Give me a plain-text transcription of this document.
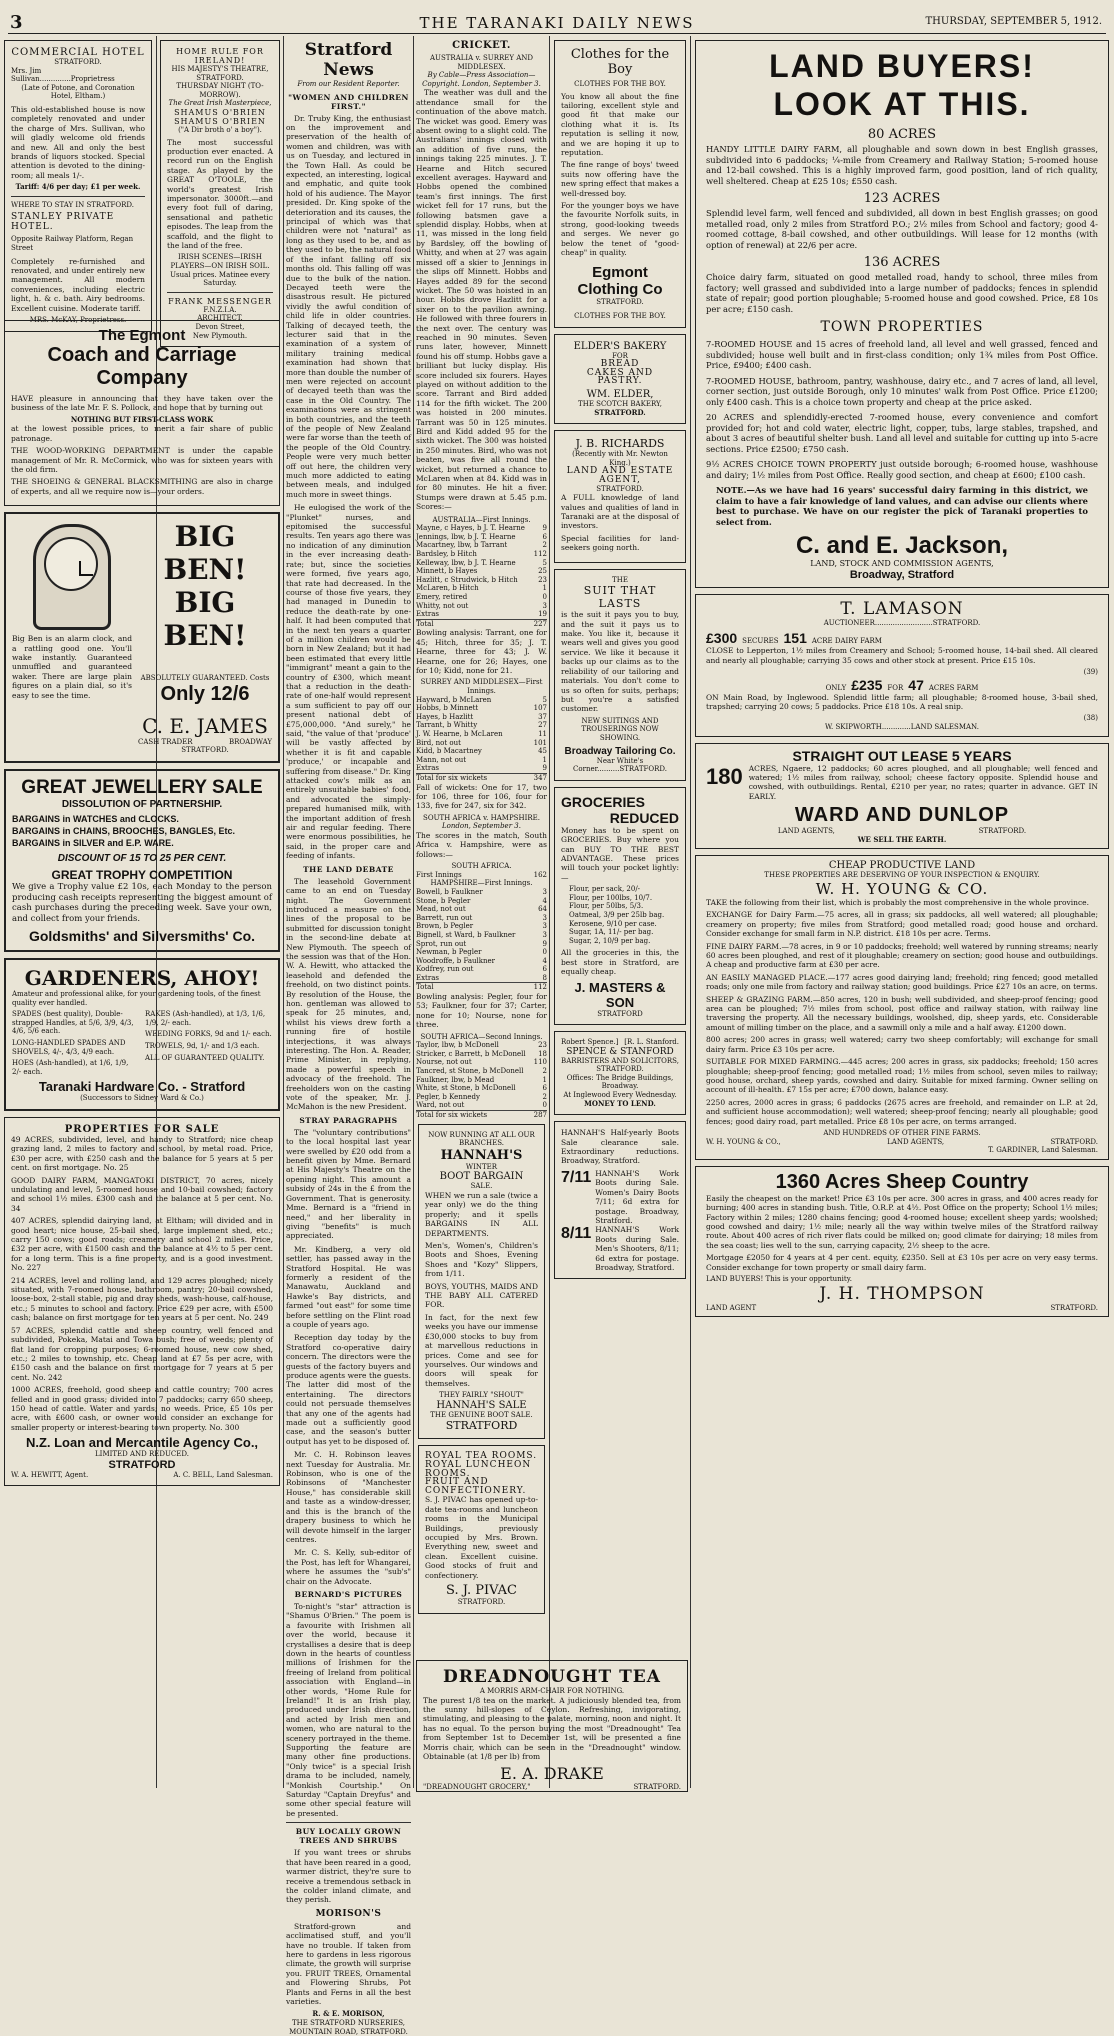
3	THE TARANAKI DAILY NEWS	THURSDAY, SEPTEMBER 5, 1912.
COMMERCIAL HOTEL
STRATFORD.
Mrs. Jim Sullivan..............Proprietress
(Late of Potone, and Coronation Hotel, Eltham.)

This old-established house is now completely renovated and under the charge of Mrs. Sullivan, who will gladly welcome old friends and new. All and only the best brands of liquors stocked. Special attention is devoted to the dining-room; all meals 1/-.

Tariff: 4/6 per day; £1 per week.
WHERE TO STAY IN STRATFORD.
STANLEY PRIVATE HOTEL.
Opposite Railway Platform, Regan Street

Completely re-furnished and renovated, and under entirely new management. All modern conveniences, including electric light, h. & c. bath. Airy bedrooms. Excellent cuisine. Moderate tariff.

MRS. McKAY, Proprietress.
HOME RULE FOR IRELAND!
HIS MAJESTY'S THEATRE, STRATFORD.
THURSDAY NIGHT (TO-MORROW).
The Great Irish Masterpiece,
SHAMUS O'BRIEN
SHAMUS O'BRIEN
("A Dir broth o' a boy").

The most successful production ever enacted. A record run on the English stage. As played by the GREAT O'TOOLE, the world's greatest Irish impersonator. 3000ft.—and every foot full of daring, sensational and pathetic episodes. The leap from the scaffold, and the flight to the land of the free.

IRISH SCENES—IRISH PLAYERS—ON IRISH SOIL.
Usual prices. Matinee every Saturday.
FRANK MESSENGER
F.N.Z.I.A.
ARCHITECT.
Devon Street,
New Plymouth.
The Egmont
Coach and Carriage Company

HAVE pleasure in announcing that they have taken over the business of the late Mr. F. S. Pollock, and hope that by turning out

NOTHING BUT FIRST-CLASS WORK

at the lowest possible prices, to merit a fair share of public patronage.

THE WOOD-WORKING DEPARTMENT is under the capable management of Mr. R. McCormick, who was for sixteen years with the old firm.

THE SHOEING & GENERAL BLACKSMITHING are also in charge of experts, and all we require now is—your orders.

Big Ben is an alarm clock, and a rattling good one. You'll wake instantly. Guaranteed unmuffled and guaranteed waker. There are large plain figures on a plain dial, so it's easy to see the time.

BIG BEN!
BIG BEN!
ABSOLUTELY GUARANTEED. Costs
Only 12/6
C. E. JAMES
CASH TRADER	BROADWAY
STRATFORD.
GREAT JEWELLERY SALE
DISSOLUTION OF PARTNERSHIP.
BARGAINS in WATCHES and CLOCKS.
BARGAINS in CHAINS, BROOCHES, BANGLES, Etc.
BARGAINS in SILVER and E.P. WARE.
DISCOUNT OF 15 TO 25 PER CENT.
GREAT TROPHY COMPETITION

We give a Trophy value £2 10s, each Monday to the person producing cash receipts representing the biggest amount of cash purchases during the preceding week. Save your own, and collect from your friends.

Goldsmiths' and Silversmiths' Co.
GARDENERS, AHOY!

Amateur and professional alike, for your gardening tools, of the finest quality ever handled.

SPADES (best quality), Double-strapped Handles, at 5/6, 3/9, 4/3, 4/6, 5/6 each.

LONG-HANDLED SPADES AND SHOVELS, 4/-, 4/3, 4/9 each.

HOES (Ash-handled), at 1/6, 1/9, 2/- each.

RAKES (Ash-handled), at 1/3, 1/6, 1/9, 2/- each.

WEEDING FORKS, 9d and 1/- each.

TROWELS, 9d, 1/- and 1/3 each.

ALL OF GUARANTEED QUALITY.

Taranaki Hardware Co. - Stratford
(Successors to Sidney Ward & Co.)
PROPERTIES FOR SALE

49 ACRES, subdivided, level, and handy to Stratford; nice cheap grazing land, 2 miles to factory and school, by metal road. Price, £30 per acre, with £250 cash and the balance for 5 years at 5 per cent. on first mortgage. No. 25

GOOD DAIRY FARM, MANGATOKI DISTRICT, 70 acres, nicely undulating and level, 5-roomed house and 10-bail cowshed; factory and school 1½ miles. £300 cash and the balance at 5 per cent. No. 34

407 ACRES, splendid dairying land, at Eltham; will divided and in good heart; nice house, 25-bail shed, large implement shed, etc.; carry 150 cows; good roads; creamery and school 2 miles. Price, £32 per acre, with £1500 cash and the balance at 4½ to 5 per cent. for a long term. This is a fine property, and is a good investment. No. 227

214 ACRES, level and rolling land, and 129 acres ploughed; nicely situated, with 7-roomed house, bathroom, pantry; 20-bail cowshed, loose-box, 2-stall stable, pig and dray sheds, wash-house, calf-house, etc.; 5 minutes to school and factory. Price £29 per acre, with £500 cash; balance on first mortgage for ten years at 5 per cent. No. 249

57 ACRES, splendid cattle and sheep country, well fenced and subdivided, Pokeka, Matai and Towa bush; free of weeds; plenty of flat land for cropping purposes; 6-roomed house, new cow shed, etc.; 2 miles to township, etc. Cheap land at £7 5s per acre, with £150 cash and the balance on first mortgage for 7 years at 5 per cent. No. 242

1000 ACRES, freehold, good sheep and cattle country; 700 acres felled and in good grass; divided into 7 paddocks; carry 650 sheep, 150 head of cattle. Water and yards; no weeds. Price, £5 10s per acre, with £600 cash, or owner would consider an exchange for smaller property or interest-bearing town property. No. 300

N.Z. Loan and Mercantile Agency Co.,
LIMITED AND REDUCED.
STRATFORD
W. A. HEWITT, Agent.	A. C. BELL, Land Salesman.
Stratford News
From our Resident Reporter.
"WOMEN AND CHILDREN FIRST."

Dr. Truby King, the enthusiast on the improvement and preservation of the health of women and children, was with us on Tuesday, and lectured in the Town Hall. As could be expected, an interesting, logical and emphatic, and quite took hold of his audience. The Mayor presided. Dr. King spoke of the deterioration and its causes, the principal of which was that children were not "natural" as long as they used to be, and as they used to be, the natural food of the infant falling off six months old. This falling off was due to the bulk of the nation. Decayed teeth were the disastrous result. He pictured vividly the awful condition of child life in older countries. Talking of decayed teeth, the lecturer said that in the examination of a system of military training medical examination had shown that more than double the number of men were rejected on account of decayed teeth than was the case in the Old Country. The examinations were as stringent in both countries, and the teeth of the people of New Zealand were far worse than the teeth of the people of the Old Country. People were very much better off out here, the children very much more addicted to eating between meals, and indulged much more in sweet things.

He eulogised the work of the "Plunket" nurses, and epitomised the successful results. Ten years ago there was no indication of any diminution in the ever increasing death-rate; but, since the societies were formed, five years ago, that rate had decreased. In the course of those five years, they had managed in Dunedin to reduce the death-rate by one-half. It had been computed that in the next ten years a quarter of a million children would be born in New Zealand; but it had been estimated that every little "immigrant" meant a gain to the country of £300, which meant that a reduction in the death-rate of one-half would represent a sum sufficient to pay off our present national debt of £75,000,000. "And surely," he said, "the value of that 'produce' will be vastly affected by whether it is fit and capable 'produce,' or incapable and suffering from disease." Dr. King attacked cow's milk as an entirely unsuitable babies' food, and advocated the simply-prepared humanised milk, with the important addition of fresh air and regular feeding. There were enormous possibilities, he said, in the proper care and feeding of infants.

THE LAND DEBATE

The leasehold Government came to an end on Tuesday night. The Government introduced a measure on the lines of the proposal to be submitted for discussion tonight in the second-line debate at New Plymouth. The speech of the session was that of the Hon. W. A. Hewitt, who attacked the leasehold and defended the freehold, on two distinct points. By resolution of the House, the hon. gentleman was allowed to speak for 25 minutes, and, whilst his views drew forth a running fire of hostile interjections, it was always interesting. The Hon. A. Reader, Prime Minister, in replying, made a powerful speech in advocacy of the freehold. The freeholders won on the casting vote of the speaker, Mr. J. McMahon is the new President.

STRAY PARAGRAPHS

The "voluntary contributions" to the local hospital last year were swelled by £20 odd from a benefit given by Mme. Bernard at His Majesty's Theatre on the opening night. This amount a subsidy of 24s in the £ from the Government. That is generosity. Mme. Bernard is a "friend in need," and her liberality in giving "benefits" is much appreciated.

Mr. Kindberg, a very old settler, has passed away in the Stratford Hospital. He was formerly a resident of the Manawatu, Auckland and Hawke's Bay districts, and farmed "out east" for some time before settling on the Flint road a couple of years ago.

Reception day today by the Stratford co-operative dairy concern. The directors were the guests of the factory buyers and produce agents were the guests. The latter did most of the entertaining. The directors could not persuade themselves that any one of the agents had made out a sufficiently good case, and the season's butter output has yet to be disposed of.

Mr. C. H. Robinson leaves next Tuesday for Australia. Mr. Robinson, who is one of the Robinsons of "Manchester House," has considerable skill and taste as a window-dresser, and this is the branch of the drapery business to which he will devote himself in the larger centres.

Mr. C. S. Kelly, sub-editor of the Post, has left for Whangarei, where he assumes the "sub's" chair on the Advocate.

BERNARD'S PICTURES

To-night's "star" attraction is "Shamus O'Brien." The poem is a favourite with Irishmen all over the world, because it crystallises a desire that is deep down in the hearts of countless millions of Irishmen for the freeing of Ireland from political association with England—in other words, "Home Rule for Ireland!" It is an Irish play, produced under Irish direction, and acted by Irish men and women, who are natural to the scenery portrayed in the theme. Supporting the feature are many other fine productions. "Only twice" is a special Irish drama to be included, namely, "Monkish Courtship." On Saturday "Captain Dreyfus" and some other special feature will be presented.

BUY LOCALLY GROWN TREES AND SHRUBS

If you want trees or shrubs that have been reared in a good, warmer district, they're sure to receive a tremendous setback in the colder inland climate, and they perish.

MORISON'S

Stratford-grown and acclimatised stuff, and you'll have no trouble. If taken from here to gardens in less rigorous climate, the growth will surprise you. FRUIT TREES, Ornamental and Flowering Shrubs, Pot Plants and Ferns in all the best varieties.

R. & E. MORISON,
THE STRATFORD NURSERIES,
MOUNTAIN ROAD, STRATFORD.
CRICKET.
AUSTRALIA v. SURREY AND MIDDLESEX.
By Cable—Press Association—Copyright. London, September 3.

The weather was dull and the attendance small for the continuation of the above match. The wicket was good. Emery was absent owing to a slight cold. The Australians' innings closed with an addition of five runs, the innings taking 225 minutes. J. T. Hearne and Hitch secured excellent averages. Hayward and Hobbs opened the combined team's first innings. The first wicket fell for 17 runs, but the following batsmen gave a splendid display. Hobbs, when at 11, was missed in the long field by Bardsley, off the bowling of Whitty, and when at 27 was again missed off a skier to Jennings in the slips off Minnett. Hobbs and Hayes added 89 for the second wicket. The 50 was hoisted in an hour. Hobbs drove Hazlitt for a sixer on to the pavilion awning. He followed with three fourers in the next over. The century was reached in 90 minutes. Seven runs later, however, Minnett found his off stump. Hobbs gave a brilliant but lucky display. His score included six fourers. Hayes played on without addition to the score. Tarrant and Bird added 114 for the fifth wicket. The 200 was hoisted in 200 minutes. Tarrant was 50 in 125 minutes. Bird and Kidd added 95 for the sixth wicket. The 300 was hoisted in 250 minutes. Bird, who was not beaten, was five all round the wicket, but returned a chance to McLaren when at 84. Kidd was in for 80 minutes. He hit a fiver. Stumps were drawn at 5.45 p.m. Scores:—

AUSTRALIA—First Innings.
Mayne, c Hayes, b J. T. Hearne	9
Jennings, lbw, b J. T. Hearne	6
Macartney, lbw, b Tarrant	2
Bardsley, b Hitch	112
Kelleway, lbw, b J. T. Hearne	5
Minnett, b Hayes	25
Hazlitt, c Strudwick, b Hitch	23
McLaren, b Hitch	1
Emery, retired	0
Whitty, not out	3
Extras	19
Total	227

Bowling analysis: Tarrant, one for 45; Hitch, three for 35; J. T. Hearne, three for 43; J. W. Hearne, one for 26; Hayes, one for 10; Kidd, none for 21.

SURREY AND MIDDLESEX—First Innings.
Hayward, b McLaren	5
Hobbs, b Minnett	107
Hayes, b Hazlitt	37
Tarrant, b Whitty	27
J. W. Hearne, b McLaren	11
Bird, not out	101
Kidd, b Macartney	45
Mann, not out	1
Extras	9
Total for six wickets	347

Fall of wickets: One for 17, two for 106, three for 106, four for 133, five for 247, six for 342.

SOUTH AFRICA v. HAMPSHIRE.
London, September 3.

The scores in the match, South Africa v. Hampshire, were as follows:—

SOUTH AFRICA.
First Innings	162
HAMPSHIRE—First Innings.
Bowell, b Faulkner	3
Stone, b Pegler	4
Mead, not out	64
Barrett, run out	3
Brown, b Pegler	3
Bignell, st Ward, b Faulkner	3
Sprot, run out	9
Newman, b Pegler	0
Woodroffe, b Faulkner	4
Kodfrey, run out	6
Extras	8
Total	112

Bowling analysis: Pegler, four for 53; Faulkner, four for 37; Carter, none for 10; Nourse, none for three.

SOUTH AFRICA—Second Innings.
Taylor, lbw, b McDonell	23
Stricker, c Barrett, b McDonell 18
Nourse, not out	110
Tancred, st Stone, b McDonell	2
Faulkner, lbw, b Mead	1
White, st Stone, b McDonell	6
Pegler, b Kennedy	2
Ward, not out	0
Total for six wickets	287
NOW RUNNING AT ALL OUR BRANCHES.
HANNAH'S
WINTER
BOOT BARGAIN
SALE.

WHEN we run a sale (twice a year only) we do the thing properly; and it spells BARGAINS IN ALL DEPARTMENTS.

Men's, Women's, Children's Boots and Shoes, Evening Shoes and "Kozy" Slippers, from 1/11.

BOYS, YOUTHS, MAIDS AND THE BABY ALL CATERED FOR.

In fact, for the next few weeks you have our immense £30,000 stocks to buy from at marvellous reductions in prices. Come and see for yourselves. Our windows and doors will speak for themselves.

THEY FAIRLY "SHOUT"
HANNAH'S SALE
THE GENUINE BOOT SALE.
STRATFORD
ROYAL TEA ROOMS.
ROYAL LUNCHEON ROOMS.
FRUIT AND CONFECTIONERY.

S. J. PIVAC has opened up-to-date tea-rooms and luncheon rooms in the Municipal Buildings, previously occupied by Mrs. Brown. Everything new, sweet and clean. Excellent cuisine. Good stocks of fruit and confectionery.

S. J. PIVAC
STRATFORD.
DREADNOUGHT TEA
A MORRIS ARM-CHAIR FOR NOTHING.

The purest 1/8 tea on the market. A judiciously blended tea, from the sunny hill-slopes of Ceylon. Refreshing, invigorating, stimulating, and pleasing to the palate, morning, noon and night. It has no equal. To the person buying the most "Dreadnought" Tea from September 1st to December 1st, will be presented a fine Morris chair, which can be seen in the "Dreadnought" window. Obtainable (at 1/8 per lb) from

E. A. DRAKE
"DREADNOUGHT GROCERY,"	STRATFORD.
Clothes for the Boy
CLOTHES FOR THE BOY.

You know all about the fine tailoring, excellent style and good fit that make our clothing what it is. Its reputation is selling it now, and we are hoping it up to reputation.

The fine range of boys' tweed suits now offering have the new spring effect that makes a well-dressed boy.

For the younger boys we have the favourite Norfolk suits, in strong, good-looking tweeds and serges. We never go below the tenet of "good-cheap" in quality.

Egmont Clothing Co
STRATFORD.
CLOTHES FOR THE BOY.
ELDER'S BAKERY
FOR
BREAD
CAKES AND
PASTRY.
WM. ELDER,
THE SCOTCH BAKERY,
STRATFORD.
J. B. RICHARDS
(Recently with Mr. Newton King.)
LAND AND ESTATE AGENT,
STRATFORD.

A FULL knowledge of land values and qualities of land in Taranaki are at the disposal of investors.

Special facilities for land-seekers going north.

THE
SUIT THAT LASTS

is the suit it pays you to buy, and the suit it pays us to make. You like it, because it wears well and gives you good service. We like it because it backs up our claims as to the reliability of our tailoring and materials. You don't come to us so often for suits, perhaps; but you're a satisfied customer.

NEW SUITINGS AND TROUSERINGS NOW SHOWING.
Broadway Tailoring Co.
Near White's Corner..........STRATFORD.
GROCERIES
REDUCED

Money has to be spent on GROCERIES. Buy where you can BUY TO THE BEST ADVANTAGE. These prices will touch your pocket lightly:—

Flour, per sack, 20/-
Flour, per 100lbs, 10/7.
Flour, per 50lbs, 5/3.
Oatmeal, 3/9 per 25lb bag.
Kerosene, 9/10 per case.
Sugar, 1A, 11/- per bag.
Sugar, 2, 10/9 per bag.

All the groceries in this, the best store in Stratford, are equally cheap.

J. MASTERS & SON
STRATFORD
Robert Spence.] [R. L. Stanford.
SPENCE & STANFORD
BARRISTERS AND SOLICITORS,
STRATFORD.
Offices: The Bridge Buildings, Broadway.
At Inglewood Every Wednesday.
MONEY TO LEND.

HANNAH'S Half-yearly Boots Sale clearance sale. Extraordinary reductions. Broadway, Stratford.

7/11 HANNAH'S Work Boots during Sale. Women's Dairy Boots 7/11; 6d extra for postage. Broadway, Stratford.
8/11 HANNAH'S Work Boots during Sale. Men's Shooters, 8/11; 6d extra for postage. Broadway, Stratford.
LAND BUYERS!
LOOK AT THIS.
80 ACRES

HANDY LITTLE DAIRY FARM, all ploughable and sown down in best English grasses, subdivided into 6 paddocks; ¼-mile from Creamery and Railway Station; 5-roomed house and 12-bail cowshed. This is a highly improved farm, good position, land of rich quality, well sheltered. Cheap at £25 10s; £550 cash.

123 ACRES

Splendid level farm, well fenced and subdivided, all down in best English grasses; on good metalled road, only 2 miles from Stratford P.O.; 2½ miles from School and factory; good 4-roomed cottage, 8-bail cowshed, and other outbuildings. Will lease for 12 months (with option of renewal) at 22/6 per acre.

136 ACRES

Choice dairy farm, situated on good metalled road, handy to school, three miles from factory; well grassed and subdivided into a large number of paddocks; fences in splendid state of repair; good portion ploughable; 5-roomed house and good cowshed. Price, £8 10s per acre; £150 cash.

TOWN PROPERTIES

7-ROOMED HOUSE and 15 acres of freehold land, all level and well grassed, fenced and subdivided; house well built and in first-class condition; only 1¾ miles from Post Office. Price, £9400; £400 cash.

7-ROOMED HOUSE, bathroom, pantry, washhouse, dairy etc., and 7 acres of land, all level, corner section, just outside Borough, only 10 minutes' walk from Post Office. Price £1200; only £400 cash. This is a choice town property and cheap at the price asked.

20 ACRES and splendidly-erected 7-roomed house, every convenience and comfort provided for; hot and cold water, electric light, copper, tubs, large stables, trapshed, and about 3 acres of beautiful shelter bush. Land all level and suitable for cutting up into 5-acre sections. Price £2500; £750 cash.

9½ ACRES CHOICE TOWN PROPERTY just outside borough; 6-roomed house, washhouse and dairy; 1½ miles from Post Office. Really good section, and cheap at £600; £100 cash.

NOTE.—As we have had 16 years' successful dairy farming in this district, we claim to have a fair knowledge of land values, and can advise our clients where best to purchase. We have on our register the pick of Taranaki properties to select from.

C. and E. Jackson,
LAND, STOCK AND COMMISSION AGENTS,
Broadway, Stratford
T. LAMASON
AUCTIONEER..........................STRATFORD.
£300 SECURES 151 ACRE DAIRY FARM

CLOSE to Lepperton, 1½ miles from Creamery and School; 5-roomed house, 14-bail shed. All cleared and nearly all ploughable; carrying 35 cows and other stock at present. Price £15 10s.

(39)
ONLY £235 FOR 47 ACRES FARM

ON Main Road, by Inglewood. Splendid little farm; all ploughable; 8-roomed house, 3-bail shed, trapshed; carrying 20 cows; 5 paddocks. Price £18 10s. A real snip.

(38)
W. SKIPWORTH.............LAND SALESMAN.
STRAIGHT OUT LEASE 5 YEARS
180 ACRES, Ngaere, 12 paddocks; 60 acres ploughed, and all ploughable; well fenced and watered; 1½ miles from railway, school; cheese factory opposite. Splendid house and cowshed, with outbuildings. Rental, £210 per year, no rates; quarter in advance. GET IN EARLY.

WARD AND DUNLOP
LAND AGENTS,	STRATFORD.
WE SELL THE EARTH.
CHEAP PRODUCTIVE LAND
THESE PROPERTIES ARE DESERVING OF YOUR INSPECTION & ENQUIRY.
W. H. YOUNG & CO.

TAKE the following from their list, which is probably the most comprehensive in the whole province.

EXCHANGE for Dairy Farm.—75 acres, all in grass; six paddocks, all well watered; all ploughable; creamery on property; five miles from Stratford; good metalled road; good house and orchard. Consider exchange for small farm in N.P. district. £18 10s per acre. Terms.

FINE DAIRY FARM.—78 acres, in 9 or 10 paddocks; freehold; well watered by running streams; nearly 60 acres been ploughed, and rest of it ploughable; creamery on section; good house and outbuildings. A cheap and productive farm at £30 per acre.

AN EASILY MANAGED PLACE.—177 acres good dairying land; freehold; ring fenced; good metalled roads; only one mile from factory and railway station; good buildings. Price £27 10s an acre, on terms.

SHEEP & GRAZING FARM.—850 acres, 120 in bush; well subdivided, and sheep-proof fencing; good area can be ploughed; 7½ miles from school, post office and railway station, with railway line traversing the property. All the necessary buildings, woolshed, dip, sheep yards, etc. Considerable amount of milling timber on the place, and a sawmill only a mile and a half away. £1200 down.

800 acres; 200 acres in grass; well watered; carry two sheep comfortably; will exchange for small dairy farm. Price £3 10s per acre.

SUITABLE FOR MIXED FARMING.—445 acres; 200 acres in grass, six paddocks; freehold; 150 acres ploughable; sheep-proof fencing; good metalled road; 1½ miles from school, seven miles to railway; good house, orchard, sheep yards, cowshed and dairy. Suitable for mixed farming. Owner selling on account of ill-health. £7 15s per acre; £700 down, balance easy.

2250 acres, 2000 acres in grass; 6 paddocks (2675 acres are freehold, and remainder on L.P. at 2d, and sufficient house accommodation); well watered; sheep-proof fencing; nearly all ploughable; good fences; good dairy road, part metalled. Price £8 10s per acre, on terms arranged.

AND HUNDREDS OF OTHER FINE FARMS.
W. H. YOUNG & CO.,	LAND AGENTS,	STRATFORD.
T. GARDINER, Land Salesman.
1360 Acres Sheep Country

Easily the cheapest on the market! Price £3 10s per acre. 300 acres in grass, and 400 acres ready for burning; 400 acres in standing bush. Title, O.R.P. at 4½. Post Office on the property; School 1½ miles; Factory within 2 miles; 1280 chains fencing; good 4-roomed house; excellent sheep yards; woolshed; good cowshed and dairy; 1½ mile; nearly all the way within twelve miles of the Stratford railway route. About 400 acres of rich river flats could be milked on; good climate for dairying; 18 miles from the sea coast; lies well to the sun, carrying capacity, 2½ sheep to the acre.

Mortgage £2050 for 4 years at 4 per cent. equity, £2350. Sell at £3 10s per acre on very easy terms. Consider exchange for town property or small dairy farm.

LAND BUYERS! This is your opportunity.
J. H. THOMPSON
LAND AGENT	STRATFORD.
